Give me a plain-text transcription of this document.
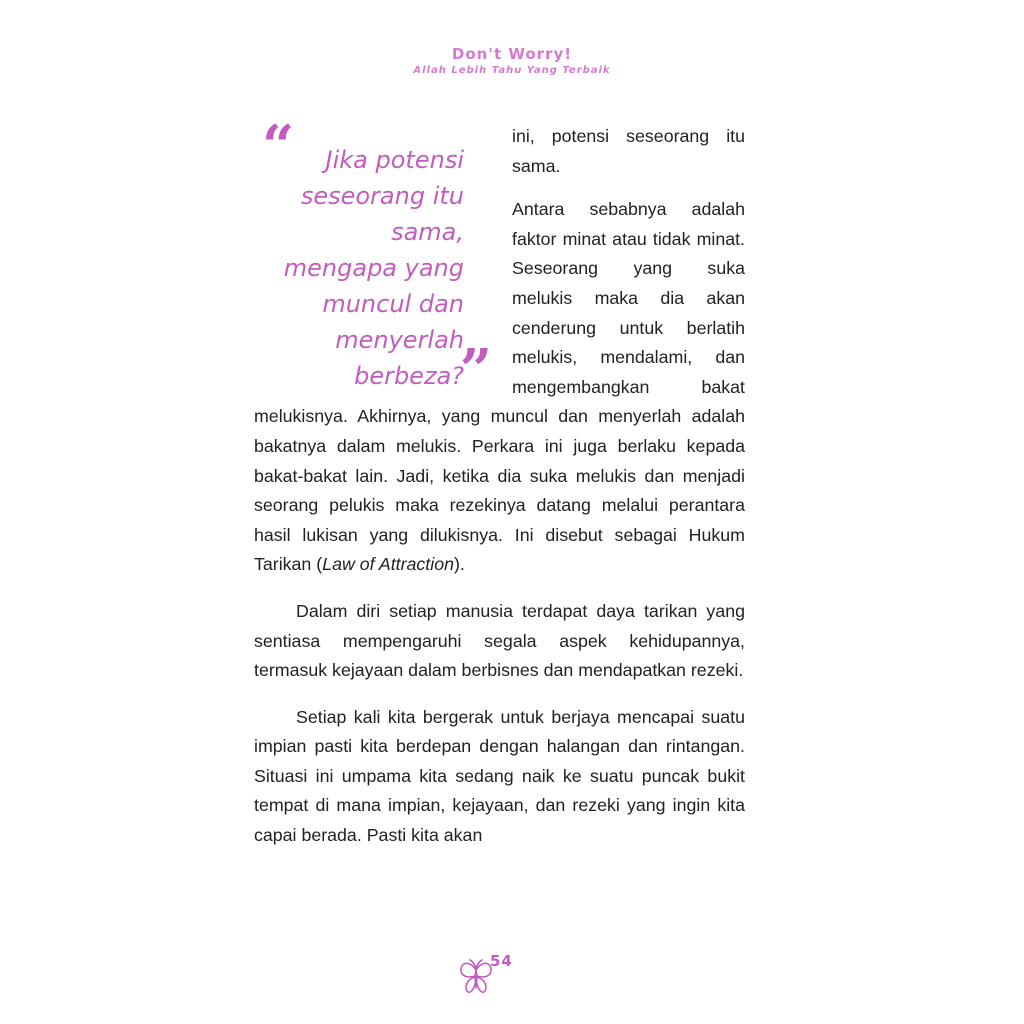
Don't Worry!
Allah Lebih Tahu Yang Terbaik
“	Jika potensi seseorang itu sama, mengapa yang muncul dan menyerlah berbeza?
”

ini, potensi seseorang itu sama.

Antara sebabnya adalah faktor minat atau tidak minat. Seseorang yang suka melukis maka dia akan cenderung untuk berlatih melukis, mendalami, dan mengembangkan bakat melukisnya. Akhirnya, yang muncul dan menyerlah adalah bakatnya dalam melukis. Perkara ini juga berlaku kepada bakat-bakat lain. Jadi, ketika dia suka melukis dan menjadi seorang pelukis maka rezekinya datang melalui perantara hasil lukisan yang dilukisnya. Ini disebut sebagai Hukum Tarikan (Law of Attraction).

Dalam diri setiap manusia terdapat daya tarikan yang sentiasa mempengaruhi segala aspek kehidupannya, termasuk kejayaan dalam berbisnes dan mendapatkan rezeki.

Setiap kali kita bergerak untuk berjaya mencapai suatu impian pasti kita berdepan dengan halangan dan rintangan. Situasi ini umpama kita sedang naik ke suatu puncak bukit tempat di mana impian, kejayaan, dan rezeki yang ingin kita capai berada. Pasti kita akan

54
